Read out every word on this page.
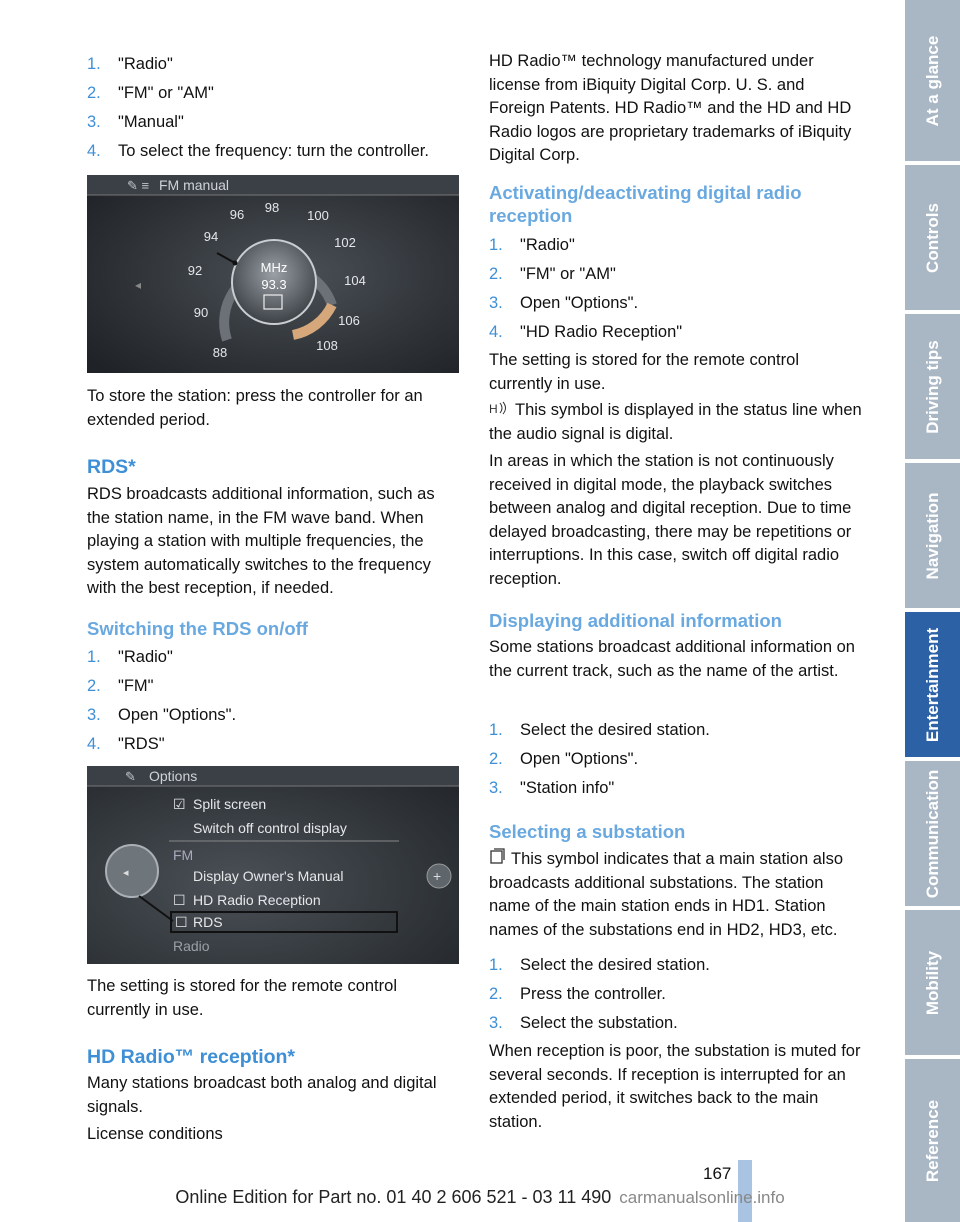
1. "Radio"
2. "FM" or "AM"
3. "Manual"
4. To select the frequency: turn the controller.
✎ ≡ FM manual
◂
88
90
92
94
96 98
100
102
104
106
108
MHz
93.3

To store the station: press the controller for an extended period.

RDS*

RDS broadcasts additional information, such as the station name, in the FM wave band. When playing a station with multiple frequencies, the system automatically switches to the frequency with the best reception, if needed.

Switching the RDS on/off
1. "Radio"
2. "FM"
3. Open "Options".
4. "RDS"
✎ Options
◂	+
☑ Split screen
Switch off control display
FM
Display Owner's Manual
☐ HD Radio Reception
☐ RDS
Radio

The setting is stored for the remote control currently in use.

HD Radio™ reception*

Many stations broadcast both analog and digital signals.

License conditions

HD Radio™ technology manufactured under license from iBiquity Digital Corp. U. S. and Foreign Patents. HD Radio™ and the HD and HD Radio logos are proprietary trademarks of iBiquity Digital Corp.

Activating/deactivating digital radio reception
1. "Radio"
2. "FM" or "AM"
3. Open "Options".
4. "HD Radio Reception"

The setting is stored for the remote control currently in use.

H This symbol is displayed in the status line when the audio signal is digital.

In areas in which the station is not continuously received in digital mode, the playback switches between analog and digital reception. Due to time delayed broadcasting, there may be repetitions or interruptions. In this case, switch off digital radio reception.

Displaying additional information

Some stations broadcast additional information on the current track, such as the name of the artist.

1. Select the desired station.
2. Open "Options".
3. "Station info"
Selecting a substation

This symbol indicates that a main station also broadcasts additional substations. The station name of the main station ends in HD1. Station names of the substations end in HD2, HD3, etc.

1. Select the desired station.
2. Press the controller.
3. Select the substation.

When reception is poor, the substation is muted for several seconds. If reception is interrupted for an extended period, it switches back to the main station.

At a glance
Controls
Driving tips
Navigation
Entertainment
Communication
Mobility
Reference
167
Online Edition for Part no. 01 40 2 606 521 - 03 11 490 carmanualsonline.info
